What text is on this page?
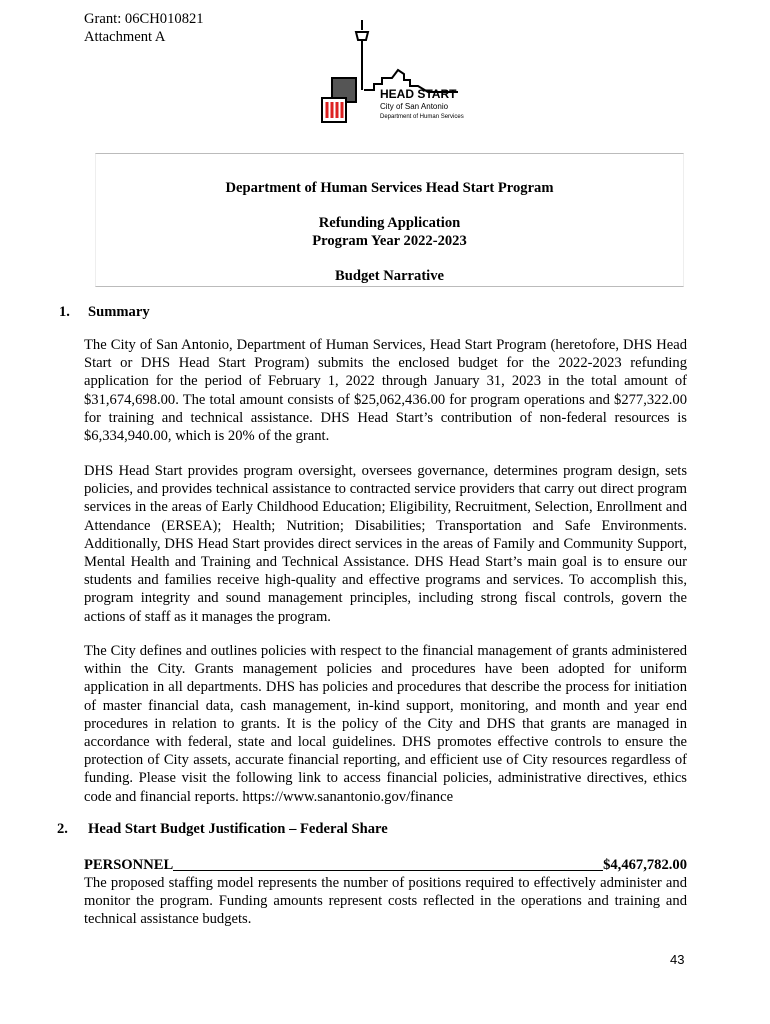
Grant: 06CH010821
Attachment A
HEAD START
City of San Antonio
Department of Human Services
Department of Human Services Head Start Program
Refunding Application
Program Year 2022-2023
Budget Narrative
1. Summary
The City of San Antonio, Department of Human Services, Head Start Program (heretofore, DHS Head Start or DHS Head Start Program) submits the enclosed budget for the 2022-2023 refunding application for the period of February 1, 2022 through January 31, 2023 in the total amount of $31,674,698.00. The total amount consists of $25,062,436.00 for program operations and $277,322.00 for training and technical assistance. DHS Head Start’s contribution of non-federal resources is $6,334,940.00, which is 20% of the grant.
DHS Head Start provides program oversight, oversees governance, determines program design, sets policies, and provides technical assistance to contracted service providers that carry out direct program services in the areas of Early Childhood Education; Eligibility, Recruitment, Selection, Enrollment and Attendance (ERSEA); Health; Nutrition; Disabilities; Transportation and Safe Environments. Additionally, DHS Head Start provides direct services in the areas of Family and Community Support, Mental Health and Training and Technical Assistance. DHS Head Start’s main goal is to ensure our students and families receive high-quality and effective programs and services. To accomplish this, program integrity and sound management principles, including strong fiscal controls, govern the actions of staff as it manages the program.
The City defines and outlines policies with respect to the financial management of grants administered within the City. Grants management policies and procedures have been adopted for uniform application in all departments. DHS has policies and procedures that describe the process for initiation of master financial data, cash management, in-kind support, monitoring, and month and year end procedures in relation to grants. It is the policy of the City and DHS that grants are managed in accordance with federal, state and local guidelines. DHS promotes effective controls to ensure the protection of City assets, accurate financial reporting, and efficient use of City resources regardless of funding. Please visit the following link to access financial policies, administrative directives, ethics code and financial reports. https://www.sanantonio.gov/finance
2. Head Start Budget Justification – Federal Share
PERSONNEL	$4,467,782.00
The proposed staffing model represents the number of positions required to effectively administer and monitor the program. Funding amounts represent costs reflected in the operations and training and technical assistance budgets.
43
